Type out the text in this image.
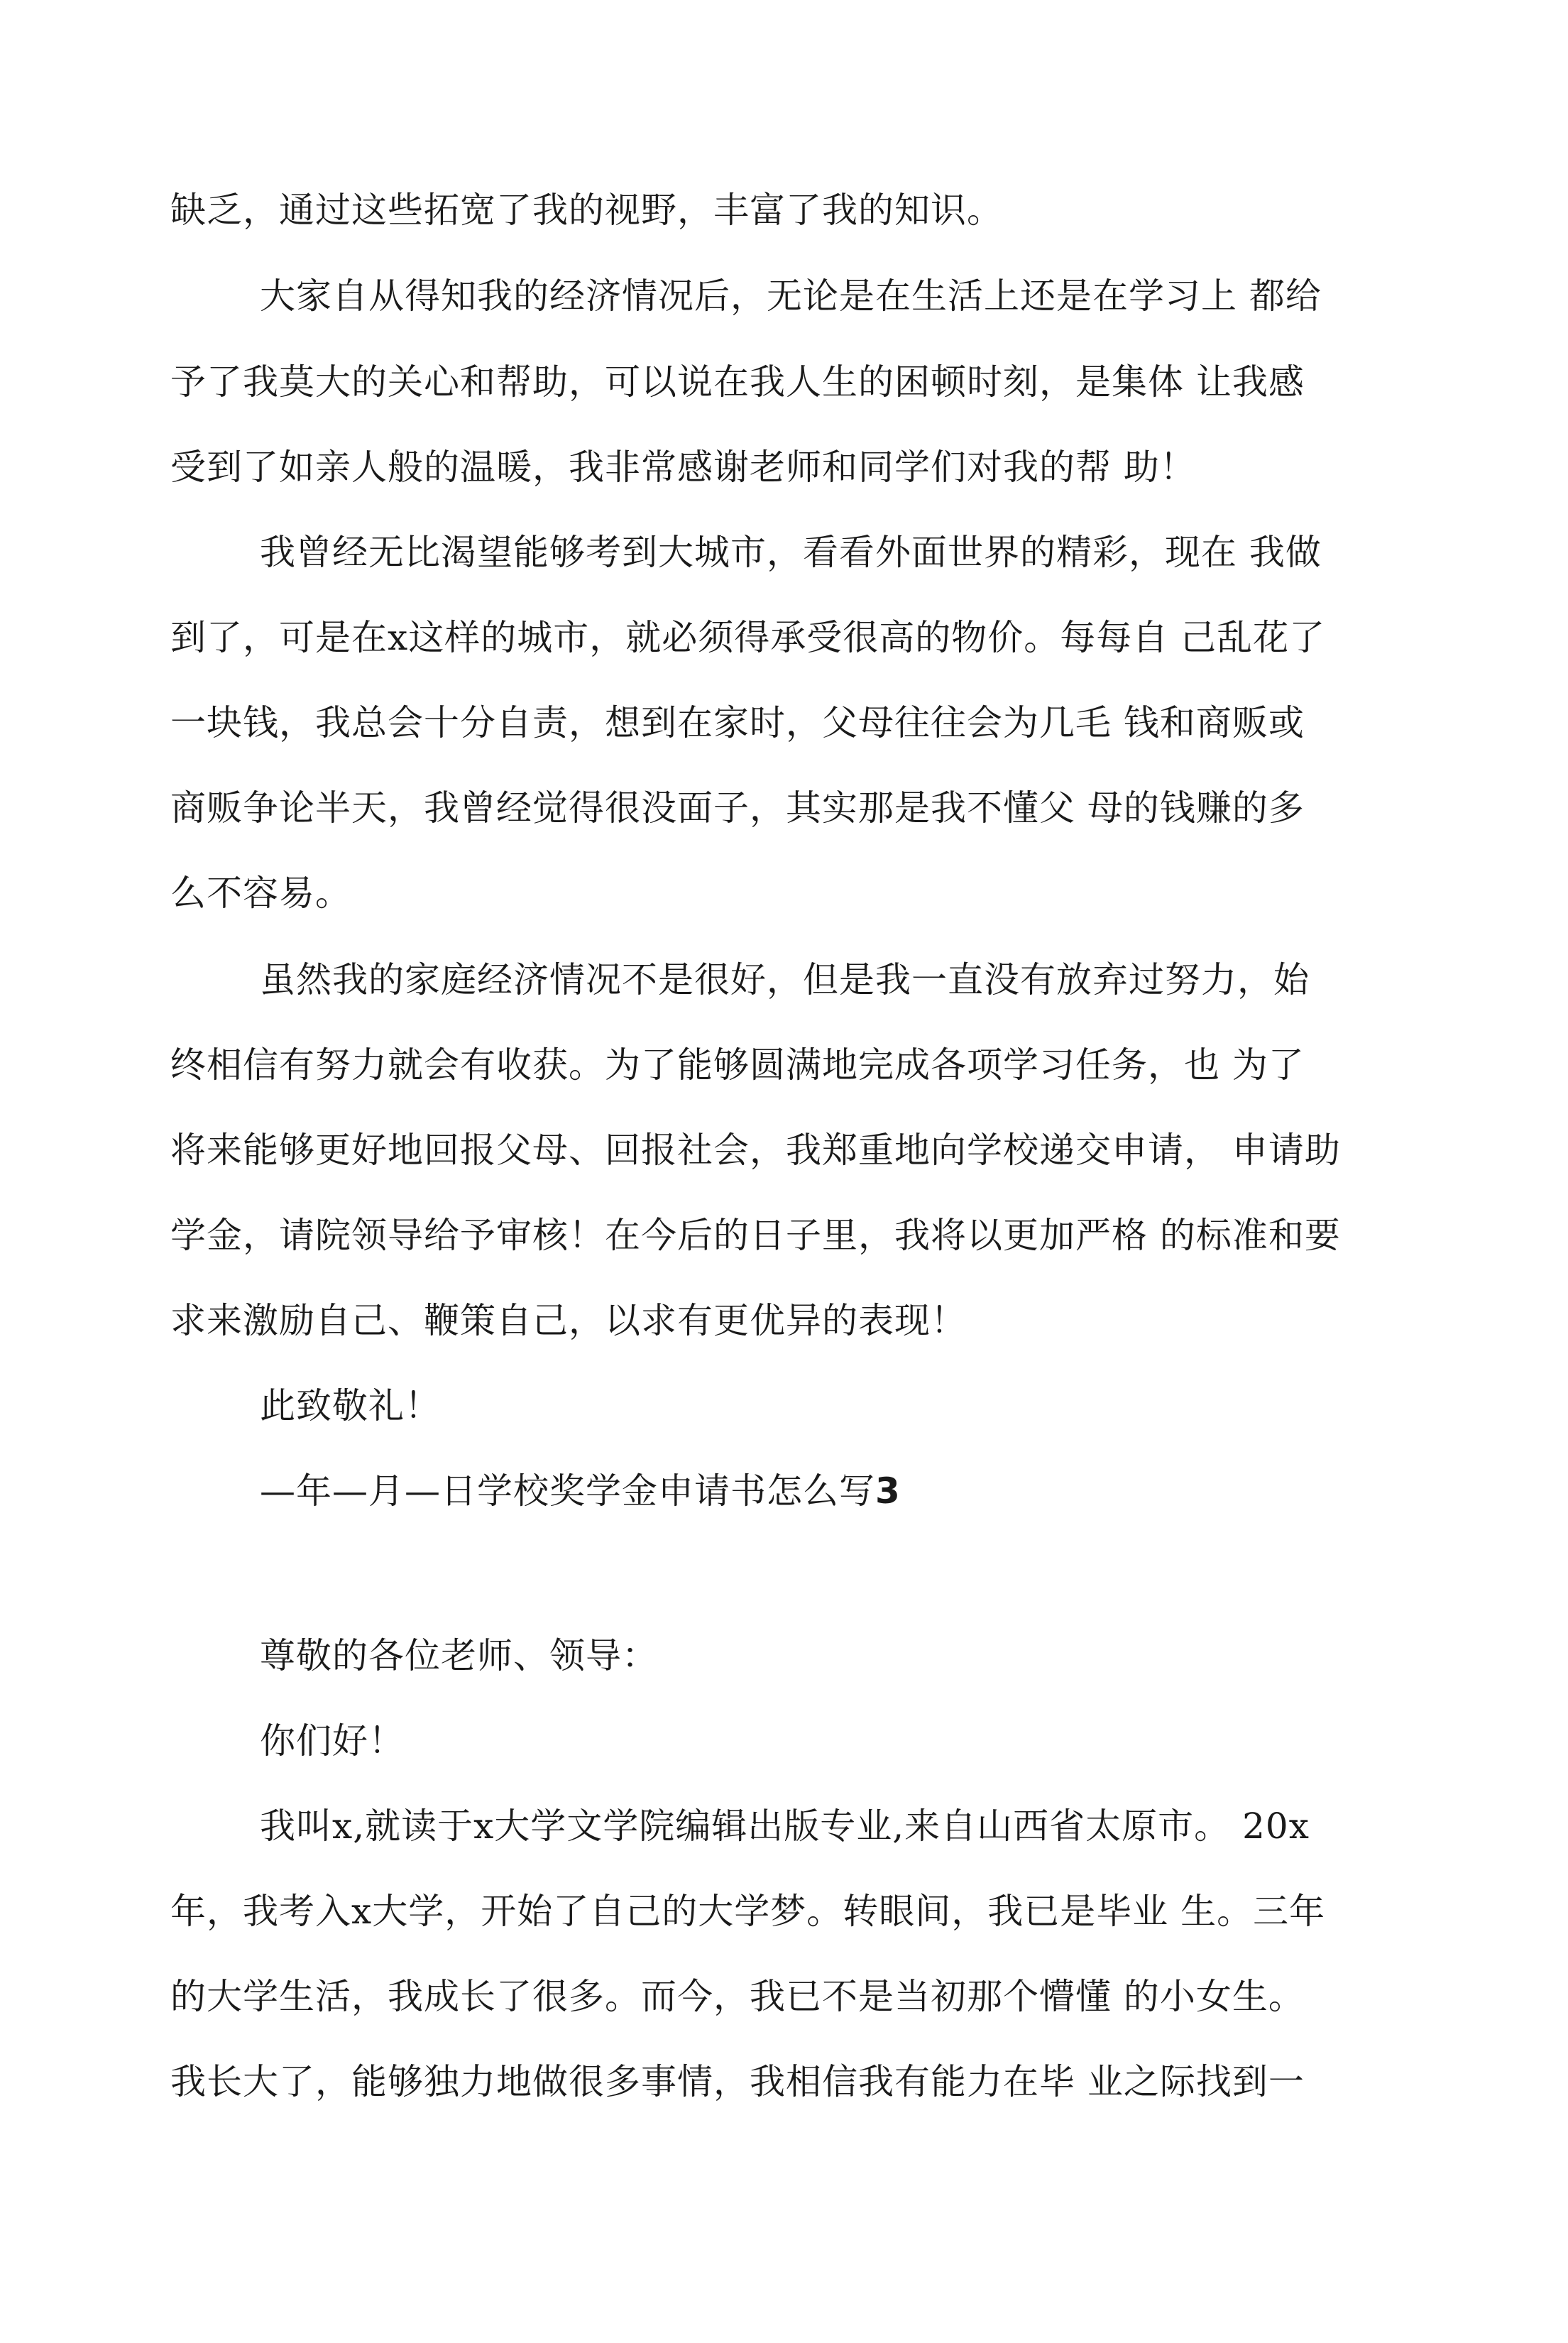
缺乏，通过这些拓宽了我的视野，丰富了我的知识。
大家自从得知我的经济情况后，无论是在生活上还是在学习上 都给
予了我莫大的关心和帮助，可以说在我人生的困顿时刻，是集体 让我感
受到了如亲人般的温暖，我非常感谢老师和同学们对我的帮 助！
我曾经无比渴望能够考到大城市，看看外面世界的精彩，现在 我做
到了，可是在x这样的城市，就必须得承受很高的物价。每每自 己乱花了
一块钱，我总会十分自责，想到在家时，父母往往会为几毛 钱和商贩或
商贩争论半天，我曾经觉得很没面子，其实那是我不懂父 母的钱赚的多
么不容易。
虽然我的家庭经济情况不是很好，但是我一直没有放弃过努力，始
终相信有努力就会有收获。为了能够圆满地完成各项学习任务，也 为了
将来能够更好地回报父母、回报社会，我郑重地向学校递交申请， 申请助
学金，请院领导给予审核！在今后的日子里，我将以更加严格 的标准和要
求来激励自己、鞭策自己，以求有更优异的表现！
此致敬礼！
—年—月—日学校奖学金申请书怎么写3
尊敬的各位老师、领导：
你们好！
我叫x,就读于x大学文学院编辑出版专业,来自山西省太原市。 20x
年，我考入x大学，开始了自己的大学梦。转眼间，我已是毕业 生。三年
的大学生活，我成长了很多。而今，我已不是当初那个懵懂 的小女生。
我长大了，能够独力地做很多事情，我相信我有能力在毕 业之际找到一
